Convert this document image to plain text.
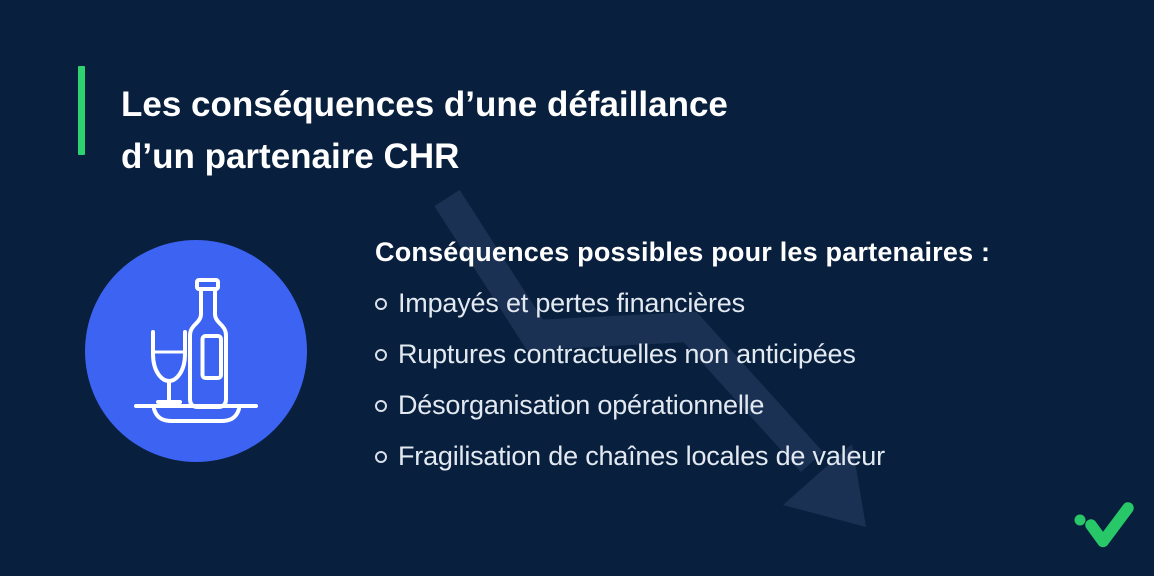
Les conséquences d’une défaillance
d’un partenaire CHR
Conséquences possibles pour les partenaires :
Impayés et pertes financières
Ruptures contractuelles non anticipées
Désorganisation opérationnelle
Fragilisation de chaînes locales de valeur
